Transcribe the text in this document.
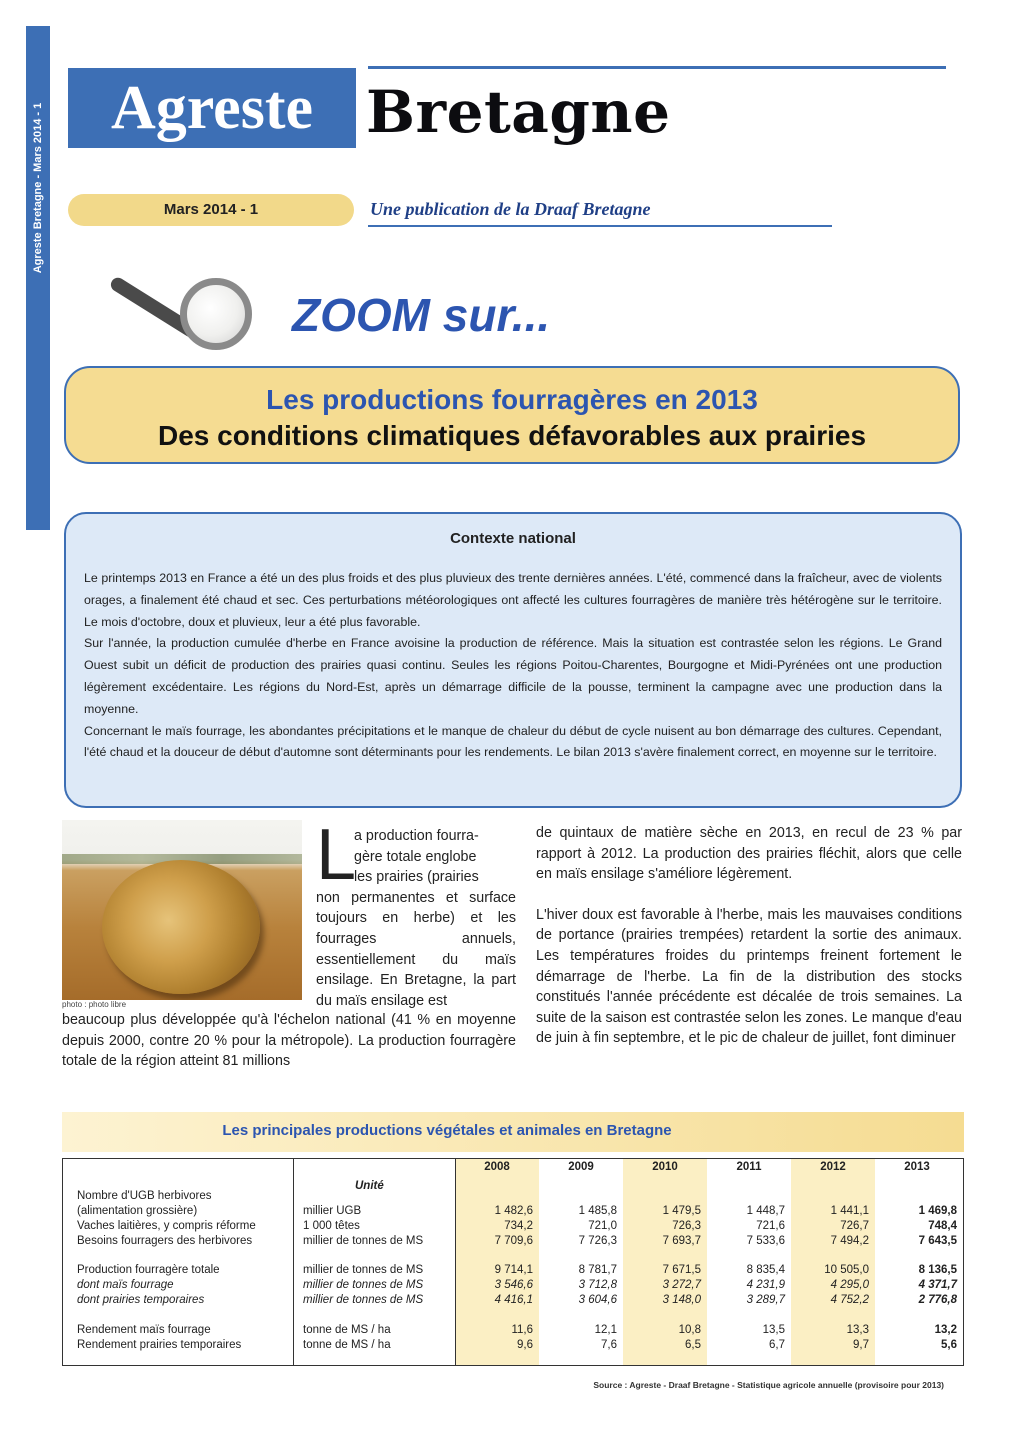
Agreste Bretagne - Mars 2014 - 1	Agreste Bretagne
Mars 2014 - 1	Une publication de la Draaf Bretagne
ZOOM sur...
Les productions fourragères en 2013
Des conditions climatiques défavorables aux prairies
Contexte national

Le printemps 2013 en France a été un des plus froids et des plus pluvieux des trente dernières années. L'été, commencé dans la fraîcheur, avec de violents orages, a finalement été chaud et sec. Ces perturbations météorologiques ont affecté les cultures fourragères de manière très hétérogène sur le territoire. Le mois d'octobre, doux et pluvieux, leur a été plus favorable.

Sur l'année, la production cumulée d'herbe en France avoisine la production de référence. Mais la situation est contrastée selon les régions. Le Grand Ouest subit un déficit de production des prairies quasi continu. Seules les régions Poitou-Charentes, Bourgogne et Midi-Pyrénées ont une production légèrement excédentaire. Les régions du Nord-Est, après un démarrage difficile de la pousse, terminent la campagne avec une production dans la moyenne.

Concernant le maïs fourrage, les abondantes précipitations et le manque de chaleur du début de cycle nuisent au bon démarrage des cultures. Cependant, l'été chaud et la douceur de début d'automne sont déterminants pour les rendements. Le bilan 2013 s'avère finalement correct, en moyenne sur le territoire.

photo : photo libre
L
a production fourra-
gère totale englobe
les prairies (prairies
non permanentes et surface toujours en herbe) et les fourrages annuels, essentiellement du maïs ensilage. En Bretagne, la part du maïs ensilage est
beaucoup plus développée qu'à l'échelon national (41 % en moyenne depuis 2000, contre 20 % pour la métropole). La production fourragère totale de la région atteint 81 millions

de quintaux de matière sèche en 2013, en recul de 23 % par rapport à 2012. La production des prairies fléchit, alors que celle en maïs ensilage s'améliore légèrement.

L'hiver doux est favorable à l'herbe, mais les mauvaises conditions de portance (prairies trempées) retardent la sortie des animaux. Les températures froides du printemps freinent fortement le démarrage de l'herbe. La fin de la distribution des stocks constitués l'année précédente est décalée de trois semaines. La suite de la saison est contrastée selon les zones. Le manque d'eau de juin à fin septembre, et le pic de chaleur de juillet, font diminuer

Les principales productions végétales et animales en Bretagne
2008	2009	2010	2011	2012	2013
Unité
Nombre d'UGB herbivores
(alimentation grossière)	millier UGB	1 482,6	1 485,8	1 479,5	1 448,7	1 441,1	1 469,8
Vaches laitières, y compris réforme	1 000 têtes	734,2	721,0	726,3	721,6	726,7	748,4
Besoins fourragers des herbivores	millier de tonnes de MS	7 709,6	7 726,3	7 693,7	7 533,6	7 494,2	7 643,5
Production fourragère totale	millier de tonnes de MS	9 714,1	8 781,7	7 671,5	8 835,4	10 505,0	8 136,5
dont maïs fourrage	millier de tonnes de MS	3 546,6	3 712,8	3 272,7	4 231,9	4 295,0	4 371,7
dont prairies temporaires	millier de tonnes de MS	4 416,1	3 604,6	3 148,0	3 289,7	4 752,2	2 776,8
Rendement maïs fourrage	tonne de MS / ha	11,6	12,1	10,8	13,5	13,3	13,2
Rendement prairies temporaires	tonne de MS / ha	9,6	7,6	6,5	6,7	9,7	5,6
Source : Agreste - Draaf Bretagne - Statistique agricole annuelle (provisoire pour 2013)
